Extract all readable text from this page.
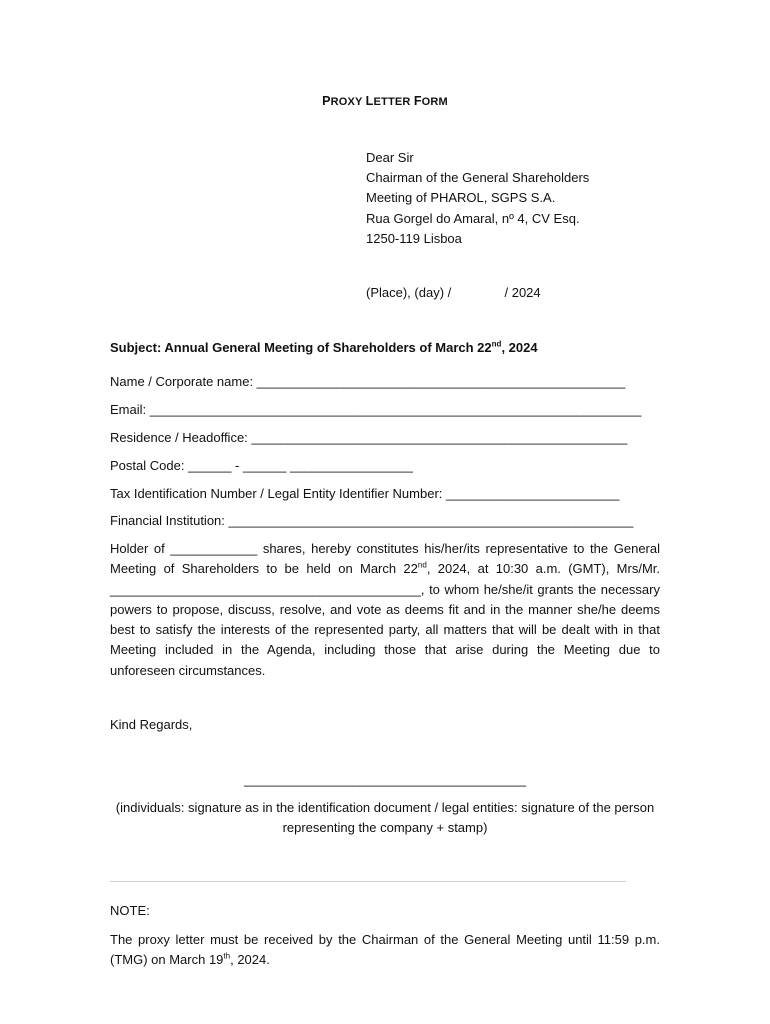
PROXY LETTER FORM
Dear Sir
Chairman of the General Shareholders
Meeting of PHAROL, SGPS S.A.
Rua Gorgel do Amaral, nº 4, CV Esq.
1250-119 Lisboa
(Place), (day) /	/ 2024
Subject: Annual General Meeting of Shareholders of March 22nd, 2024
Name / Corporate name: ___________________________________________________
Email: ____________________________________________________________________
Residence / Headoffice: ____________________________________________________
Postal Code: ______ - ______ _________________
Tax Identification Number / Legal Entity Identifier Number: ________________________
Financial Institution: ________________________________________________________
Holder of ____________ shares, hereby constitutes his/her/its representative to the General Meeting of Shareholders to be held on March 22nd, 2024, at 10:30 a.m. (GMT), Mrs/Mr. ___________________________________________, to whom he/she/it grants the necessary powers to propose, discuss, resolve, and vote as deems fit and in the manner she/he deems best to satisfy the interests of the represented party, all matters that will be dealt with in that Meeting included in the Agenda, including those that arise during the Meeting due to unforeseen circumstances.
Kind Regards,
_______________________________________
(individuals: signature as in the identification document / legal entities: signature of the person representing the company + stamp)
NOTE:
The proxy letter must be received by the Chairman of the General Meeting until 11:59 p.m. (TMG) on March 19th, 2024.
